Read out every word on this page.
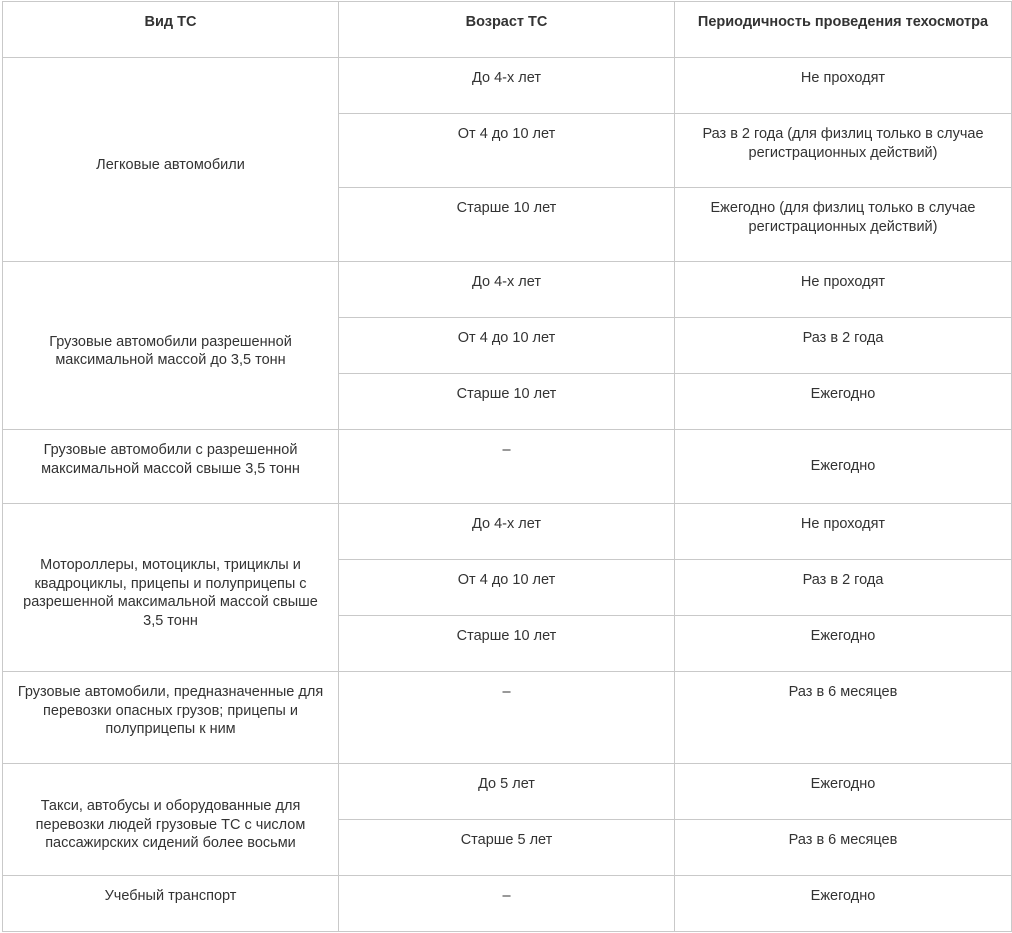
Вид ТС	Возраст ТС	Периодичность проведения техосмотра
Легковые автомобили	До 4-х лет	Не проходят
	От 4 до 10 лет	Раз в 2 года (для физлиц только в случае регистрационных действий)
	Старше 10 лет	Ежегодно (для физлиц только в случае регистрационных действий)
Грузовые автомобили разрешенной максимальной массой до 3,5 тонн	До 4-х лет	Не проходят
	От 4 до 10 лет	Раз в 2 года
	Старше 10 лет	Ежегодно
Грузовые автомобили с разрешенной максимальной массой свыше 3,5 тонн	–	Ежегодно
Мотороллеры, мотоциклы, трициклы и квадроциклы, прицепы и полуприцепы с разрешенной максимальной массой свыше 3,5 тонн	До 4-х лет	Не проходят
	От 4 до 10 лет	Раз в 2 года
	Старше 10 лет	Ежегодно
Грузовые автомобили, предназначенные для перевозки опасных грузов; прицепы и полуприцепы к ним	–	Раз в 6 месяцев
Такси, автобусы и оборудованные для перевозки людей грузовые ТС с числом пассажирских сидений более восьми	До 5 лет	Ежегодно
	Старше 5 лет	Раз в 6 месяцев
Учебный транспорт	–	Ежегодно
